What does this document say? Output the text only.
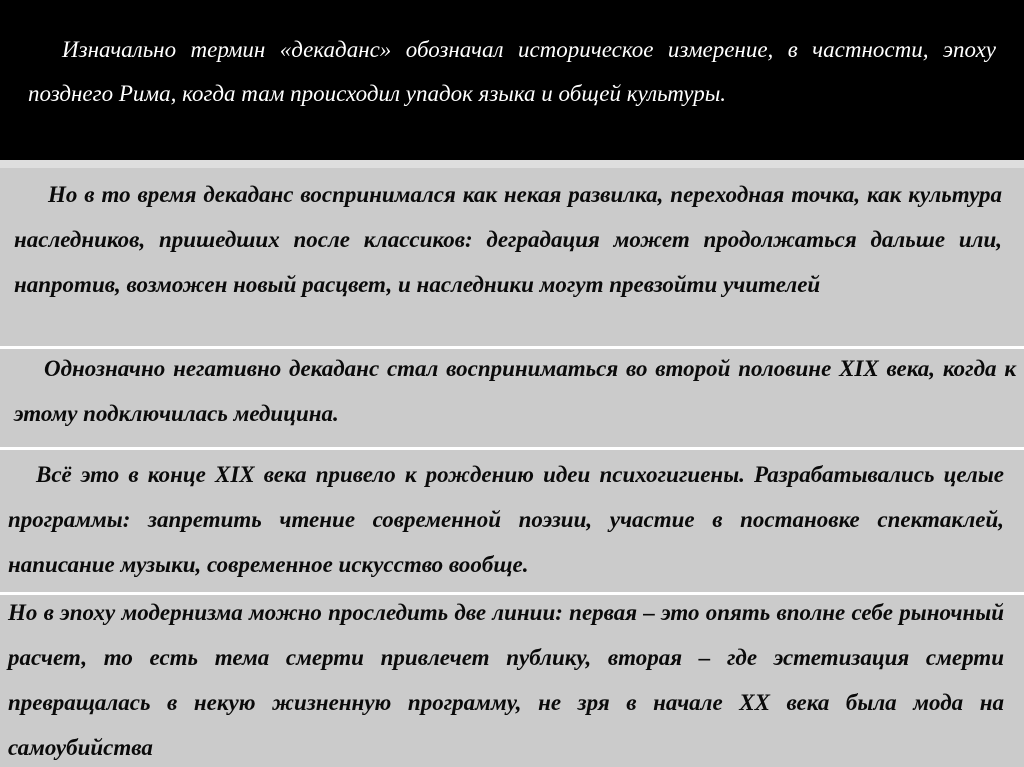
Изначально термин «декаданс» обозначал историческое измерение, в частности, эпоху позднего Рима, когда там происходил упадок языка и общей культуры.

Но в то время декаданс воспринимался как некая развилка, переходная точка, как культура наследников, пришедших после классиков: деградация может продолжаться дальше или, напротив, возможен новый расцвет, и наследники могут превзойти учителей

Однозначно негативно декаданс стал восприниматься во второй половине XIX века, когда к этому подключилась медицина.

Всё это в конце XIX века привело к рождению идеи психогигиены. Разрабатывались целые программы: запретить чтение современной поэзии, участие в постановке спектаклей, написание музыки, современное искусство вообще.

Но в эпоху модернизма можно проследить две линии: первая – это опять вполне себе рыночный расчет, то есть тема смерти привлечет публику, вторая – где эстетизация смерти превращалась в некую жизненную программу, не зря в начале XX века была мода на самоубийства
